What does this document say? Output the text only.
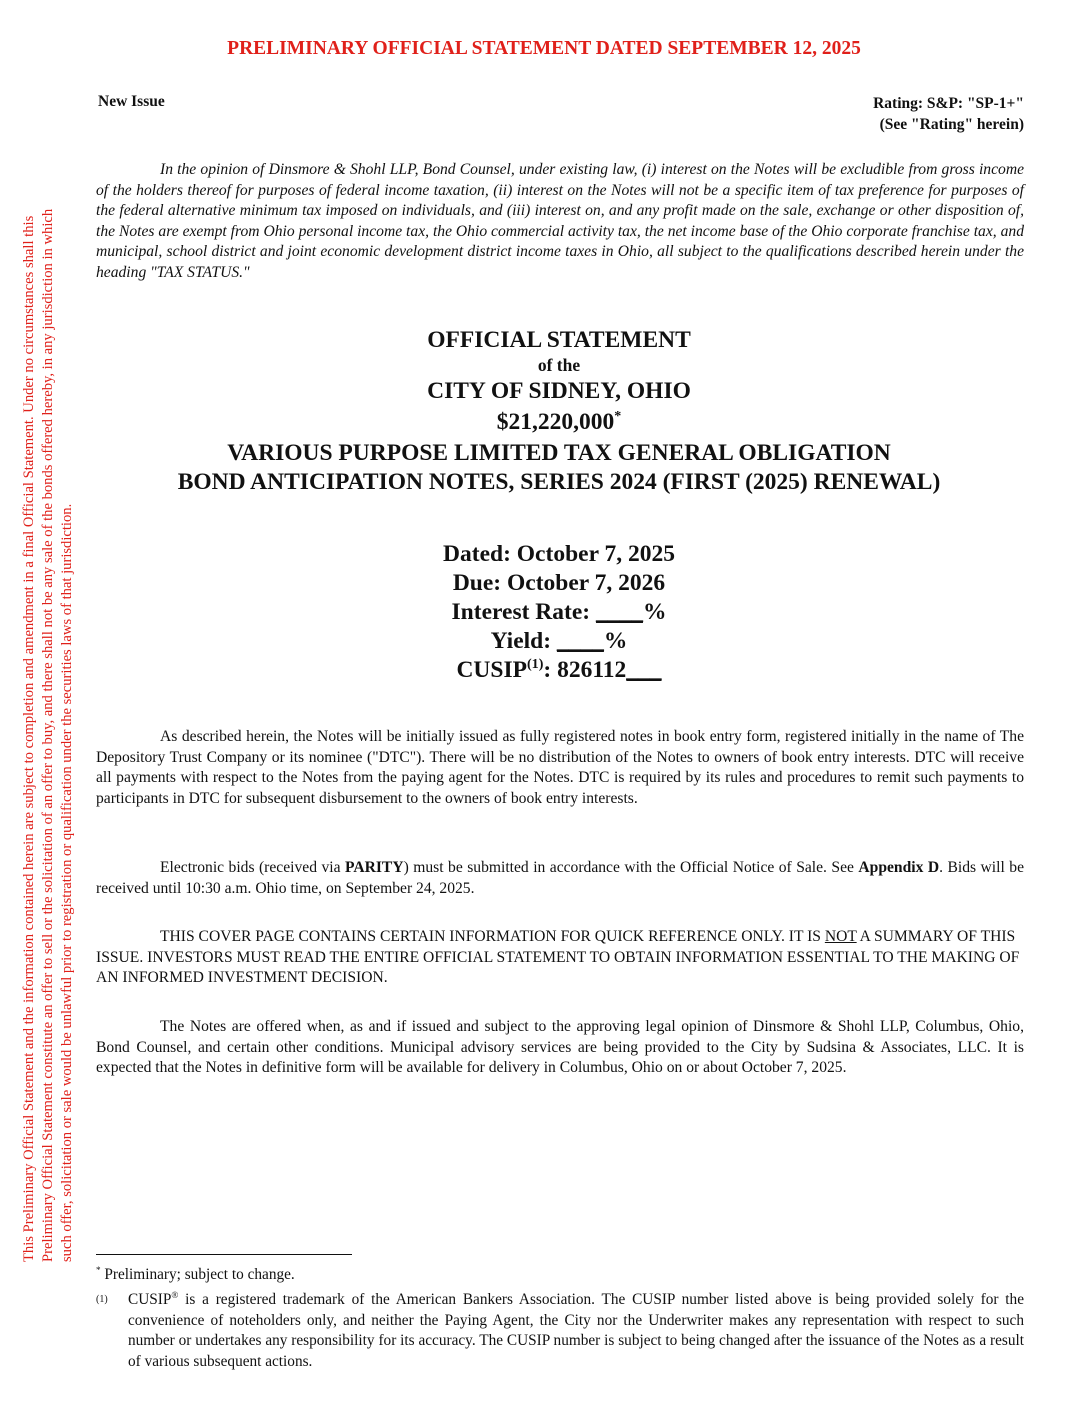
PRELIMINARY OFFICIAL STATEMENT DATED SEPTEMBER 12, 2025
This Preliminary Official Statement and the information contained herein are subject to completion and amendment in a final Official Statement. Under no circumstances shall this Preliminary Official Statement constitute an offer to sell or the solicitation of an offer to buy, and there shall not be any sale of the bonds offered hereby, in any jurisdiction in which such offer, solicitation or sale would be unlawful prior to registration or qualification under the securities laws of that jurisdiction.
New Issue	Rating: S&P: "SP-1+"
(See "Rating" herein)
In the opinion of Dinsmore & Shohl LLP, Bond Counsel, under existing law, (i) interest on the Notes will be excludible from gross income of the holders thereof for purposes of federal income taxation, (ii) interest on the Notes will not be a specific item of tax preference for purposes of the federal alternative minimum tax imposed on individuals, and (iii) interest on, and any profit made on the sale, exchange or other disposition of, the Notes are exempt from Ohio personal income tax, the Ohio commercial activity tax, the net income base of the Ohio corporate franchise tax, and municipal, school district and joint economic development district income taxes in Ohio, all subject to the qualifications described herein under the heading "TAX STATUS."
OFFICIAL STATEMENT
of the
CITY OF SIDNEY, OHIO
$21,220,000*
VARIOUS PURPOSE LIMITED TAX GENERAL OBLIGATION
BOND ANTICIPATION NOTES, SERIES 2024 (FIRST (2025) RENEWAL)
Dated: October 7, 2025
Due: October 7, 2026
Interest Rate: ____%
Yield: ____%
CUSIP$^{(1)}$: 826112___
As described herein, the Notes will be initially issued as fully registered notes in book entry form, registered initially in the name of The Depository Trust Company or its nominee ("DTC"). There will be no distribution of the Notes to owners of book entry interests. DTC will receive all payments with respect to the Notes from the paying agent for the Notes. DTC is required by its rules and procedures to remit such payments to participants in DTC for subsequent disbursement to the owners of book entry interests.
Electronic bids (received via PARITY) must be submitted in accordance with the Official Notice of Sale. See Appendix D. Bids will be received until 10:30 a.m. Ohio time, on September 24, 2025.
THIS COVER PAGE CONTAINS CERTAIN INFORMATION FOR QUICK REFERENCE ONLY. IT IS NOT A SUMMARY OF THIS ISSUE. INVESTORS MUST READ THE ENTIRE OFFICIAL STATEMENT TO OBTAIN INFORMATION ESSENTIAL TO THE MAKING OF AN INFORMED INVESTMENT DECISION.
The Notes are offered when, as and if issued and subject to the approving legal opinion of Dinsmore & Shohl LLP, Columbus, Ohio, Bond Counsel, and certain other conditions. Municipal advisory services are being provided to the City by Sudsina & Associates, LLC. It is expected that the Notes in definitive form will be available for delivery in Columbus, Ohio on or about October 7, 2025.
* Preliminary; subject to change.
(1) CUSIP® is a registered trademark of the American Bankers Association. The CUSIP number listed above is being provided solely for the convenience of noteholders only, and neither the Paying Agent, the City nor the Underwriter makes any representation with respect to such number or undertakes any responsibility for its accuracy. The CUSIP number is subject to being changed after the issuance of the Notes as a result of various subsequent actions.
